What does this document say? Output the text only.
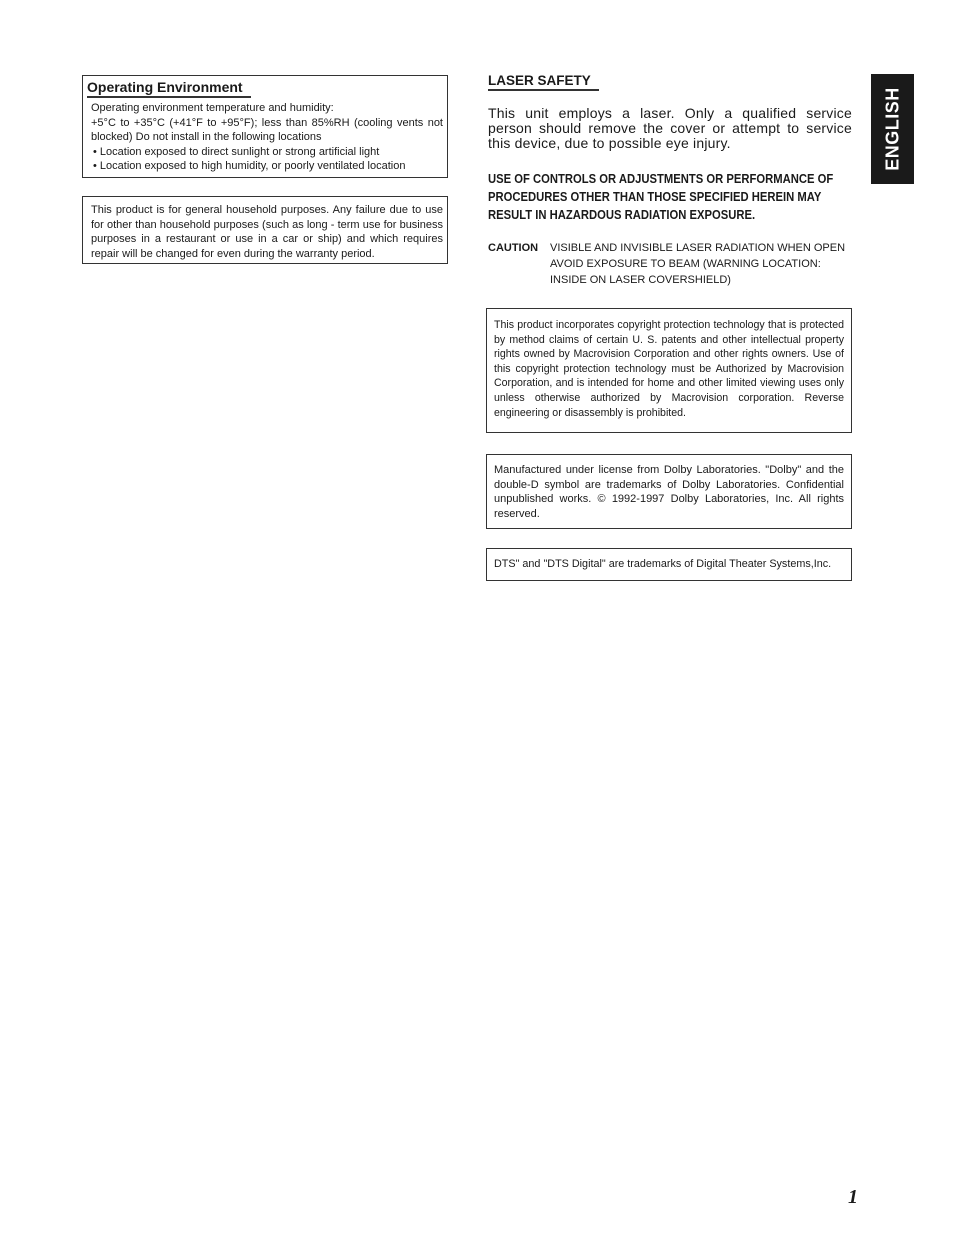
Operating Environment
Operating environment temperature and humidity:
+5°C to +35°C (+41°F to +95°F); less than 85%RH (cooling vents not blocked) Do not install in the following locations
• Location exposed to direct sunlight or strong artificial light
• Location exposed to high humidity, or poorly ventilated location
This product is for general household purposes. Any failure due to use for other than household purposes (such as long - term use for business purposes in a restaurant or use in a car or ship) and which requires repair will be changed for even during the warranty period.
LASER SAFETY
This unit employs a laser. Only a qualified service person should remove the cover or attempt to service this device, due to possible eye injury.
USE OF CONTROLS OR ADJUSTMENTS OR PERFORMANCE OF PROCEDURES OTHER THAN THOSE SPECIFIED HEREIN MAY RESULT IN HAZARDOUS RADIATION EXPOSURE.
CAUTION VISIBLE AND INVISIBLE LASER RADIATION WHEN OPEN AVOID EXPOSURE TO BEAM (WARNING LOCATION: INSIDE ON LASER COVERSHIELD)
This product incorporates copyright protection technology that is protected by method claims of certain U. S. patents and other intellectual property rights owned by Macrovision Corporation and other rights owners. Use of this copyright protection technology must be Authorized by Macrovision Corporation, and is intended for home and other limited viewing uses only unless otherwise authorized by Macrovision corporation. Reverse engineering or disassembly is prohibited.
Manufactured under license from Dolby Laboratories. "Dolby" and the double-D symbol are trademarks of Dolby Laboratories. Confidential unpublished works. © 1992-1997 Dolby Laboratories, Inc. All rights reserved.
DTS" and "DTS Digital" are trademarks of Digital Theater Systems,Inc.
ENGLISH
1
